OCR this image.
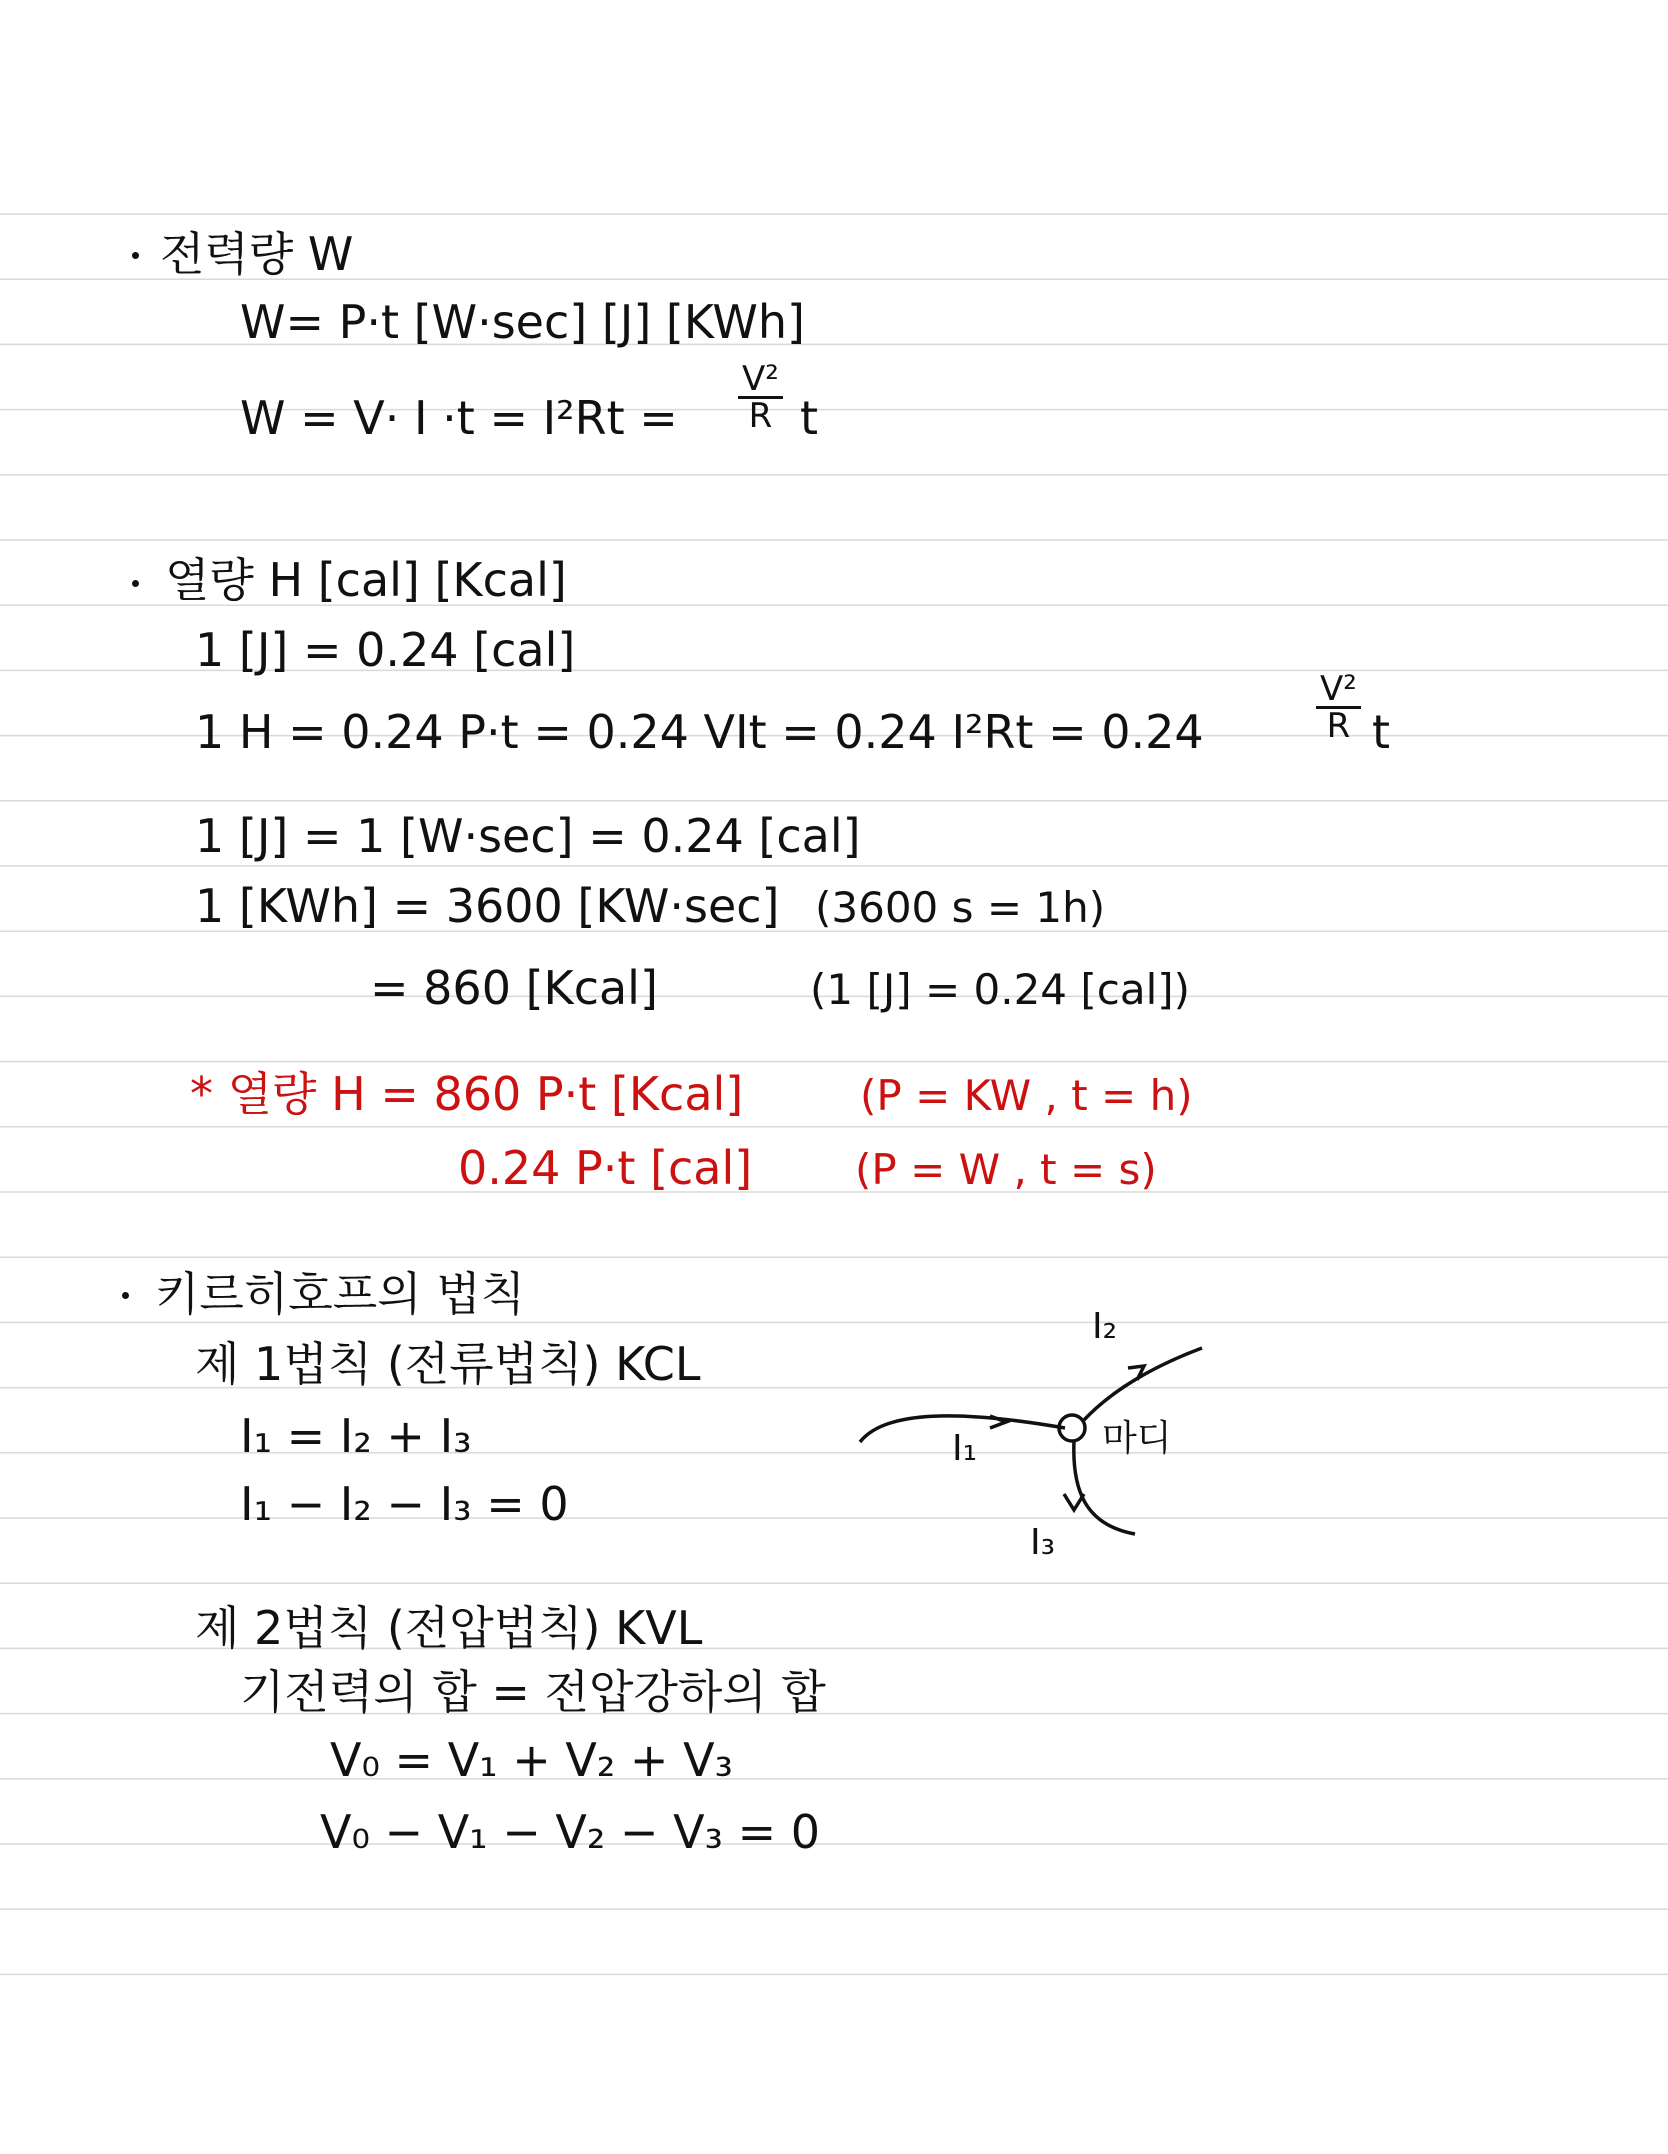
전력량 W
W= P·t [W·sec] [J] [KWh]
$W = V\cdot I \cdot t = I^2Rt = \frac{\text{V²}}{R}$ t
열량 H [cal] [Kcal]
1 [J] = 0.24 [cal]
1 H = 0.24 P·t = 0.24 VIt = 0.24 I²Rt = 0.24	$\frac{\text{V²}}{R}$ t
1 [J] = 1 [W·sec] = 0.24 [cal]
1 [KWh] = 3600 [KW·sec] (3600 s = 1h)
= 860 [Kcal]	(1 [J] = 0.24 [cal])
* 열량 H = 860 P·t [Kcal]	(P = KW , t = h)
0.24 P·t [cal] (P = W , t = s)
키르히호프의 법칙
제 1법칙 (전류법칙) KCL
I₁ = I₂ + I₃
I₁ − I₂ − I₃ = 0
I₁
I₂
I₃
마디
제 2법칙 (전압법칙) KVL
기전력의 합 = 전압강하의 합
V₀ = V₁ + V₂ + V₃
V₀ − V₁ − V₂ − V₃ = 0
